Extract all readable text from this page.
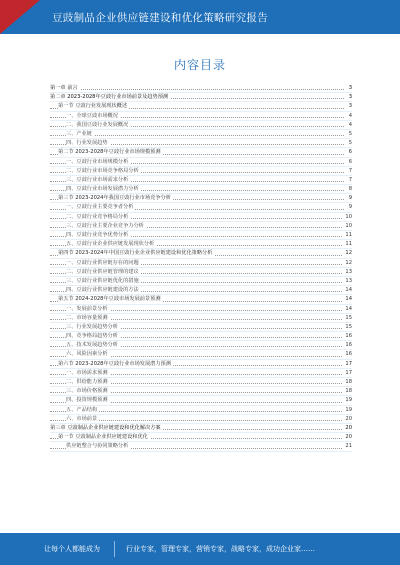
豆豉制品企业供应链建设和优化策略研究报告
内容目录
第一章 前言	3
第二章 2023-2028年豆豉行业市场前景及趋势预测	3
第一节 豆豉行业发展现状概述	3
一、全球豆豉市场概况	4
二、我国豆豉行业发展概况	4
三、产业链	5
四、行业发展趋势	5
第二节 2023-2028年豆豉行业市场规模预测	6
一、豆豉行业市场规模分析	6
二、豆豉行业市场竞争格局分析	7
三、豆豉行业市场需求分析	7
四、豆豉行业市场发展潜力分析	8
第三节 2023-2024年我国豆豉行业市场竞争分析	9
一、豆豉行业主要竞争者分析	9
二、豆豉行业竞争格局分析	10
三、豆豉行业主要企业竞争力分析	10
四、豆豉行业竞争优势分析	11
五、豆豉行业企业供应链发展现状分析	11
第四节 2023-2024年中国豆豉行业企业供应链建设和优化策略分析	12
一、豆豉行业供应链存在的问题	12
二、豆豉行业供应链管理的建议	13
三、豆豉行业供应链优化的措施	13
四、豆豉行业供应链建设的方法	14
第五节 2024-2028年豆豉市场发展前景预测	14
一、发展前景分析	14
二、市场容量预测	15
三、行业发展趋势分析	15
四、竞争格局趋势分析	16
五、技术发展趋势分析	16
六、风险因素分析	16
第六节 2023-2028年豆豉行业市场发展潜力预测	17
一、市场需求预测	17
二、供给能力预测	18
三、市场价格预测	18
四、投资规模预测	19
五、产品结构	19
六、市场前景	20
第三章 豆豉制品企业供应链建设和优化解决方案	20
第一节 豆豉制品企业供应链建设和优化	20
供应链整合与协同策略分析	21
让每个人都能成为	行业专家，管理专家，营销专家，战略专家，成功企业家……
